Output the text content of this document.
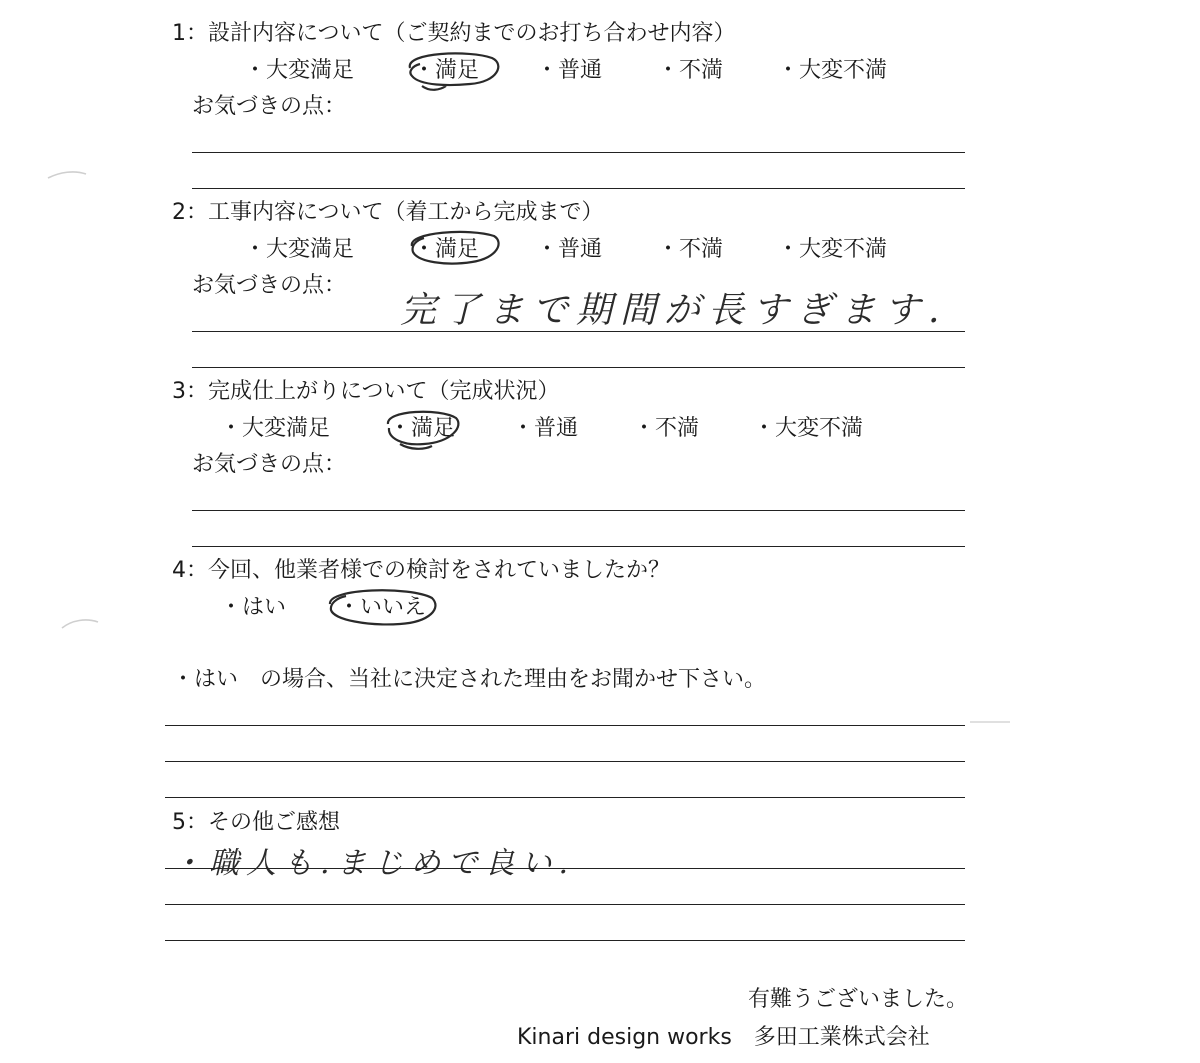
1：設計内容について（ご契約までのお打ち合わせ内容）
・大変満足	・満足	・普通 ・不満 ・大変不満
お気づきの点：
2：工事内容について（着工から完成まで）
・大変満足	・満足	・普通 ・不満 ・大変不満
お気づきの点：
完了まで期間が長すぎます.
3：完成仕上がりについて（完成状況）
・大変満足	・満足	・普通 ・不満 ・大変不満
お気づきの点：
4：今回、他業者様での検討をされていましたか？
・はい ・いいえ
・はい　の場合、当社に決定された理由をお聞かせ下さい。
5：その他ご感想
・職人も.まじめで良い.
有難うございました。
Kinari design works　多田工業株式会社
